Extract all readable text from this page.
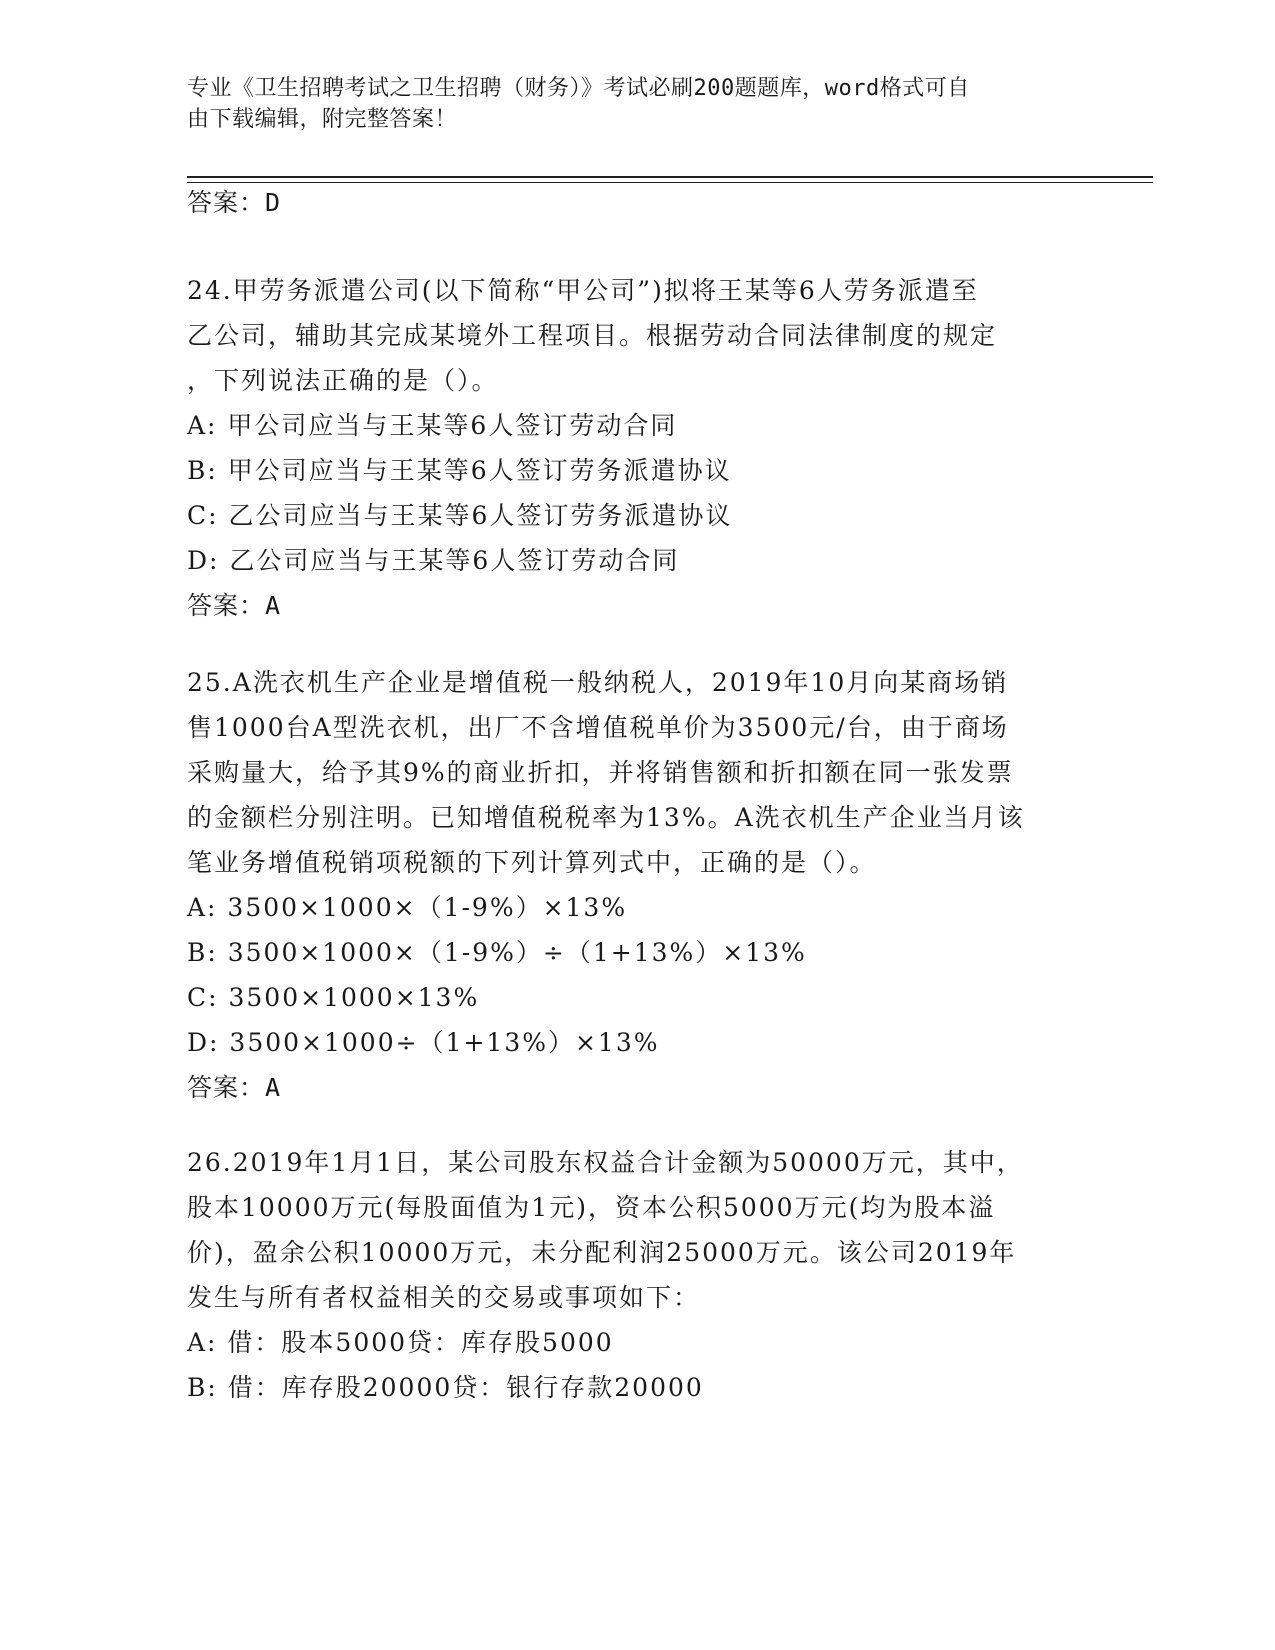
专业《卫生招聘考试之卫生招聘（财务）》考试必刷200题题库，word格式可自
由下载编辑，附完整答案！
答案：D
24.甲劳务派遣公司(以下简称“甲公司”)拟将王某等6人劳务派遣至
乙公司，辅助其完成某境外工程项目。根据劳动合同法律制度的规定
，下列说法正确的是（）。
A: 甲公司应当与王某等6人签订劳动合同
B: 甲公司应当与王某等6人签订劳务派遣协议
C: 乙公司应当与王某等6人签订劳务派遣协议
D: 乙公司应当与王某等6人签订劳动合同
答案：A
25.A洗衣机生产企业是增值税一般纳税人，2019年10月向某商场销
售1000台A型洗衣机，出厂不含增值税单价为3500元/台，由于商场
采购量大，给予其9%的商业折扣，并将销售额和折扣额在同一张发票
的金额栏分别注明。已知增值税税率为13%。A洗衣机生产企业当月该
笔业务增值税销项税额的下列计算列式中，正确的是（）。
A: 3500×1000×（1-9%）×13%
B: 3500×1000×（1-9%）÷（1+13%）×13%
C: 3500×1000×13%
D: 3500×1000÷（1+13%）×13%
答案：A
26.2019年1月1日，某公司股东权益合计金额为50000万元，其中，
股本10000万元(每股面值为1元)，资本公积5000万元(均为股本溢
价)，盈余公积10000万元，未分配利润25000万元。该公司2019年
发生与所有者权益相关的交易或事项如下：
A: 借：股本5000贷：库存股5000
B: 借：库存股20000贷：银行存款20000
